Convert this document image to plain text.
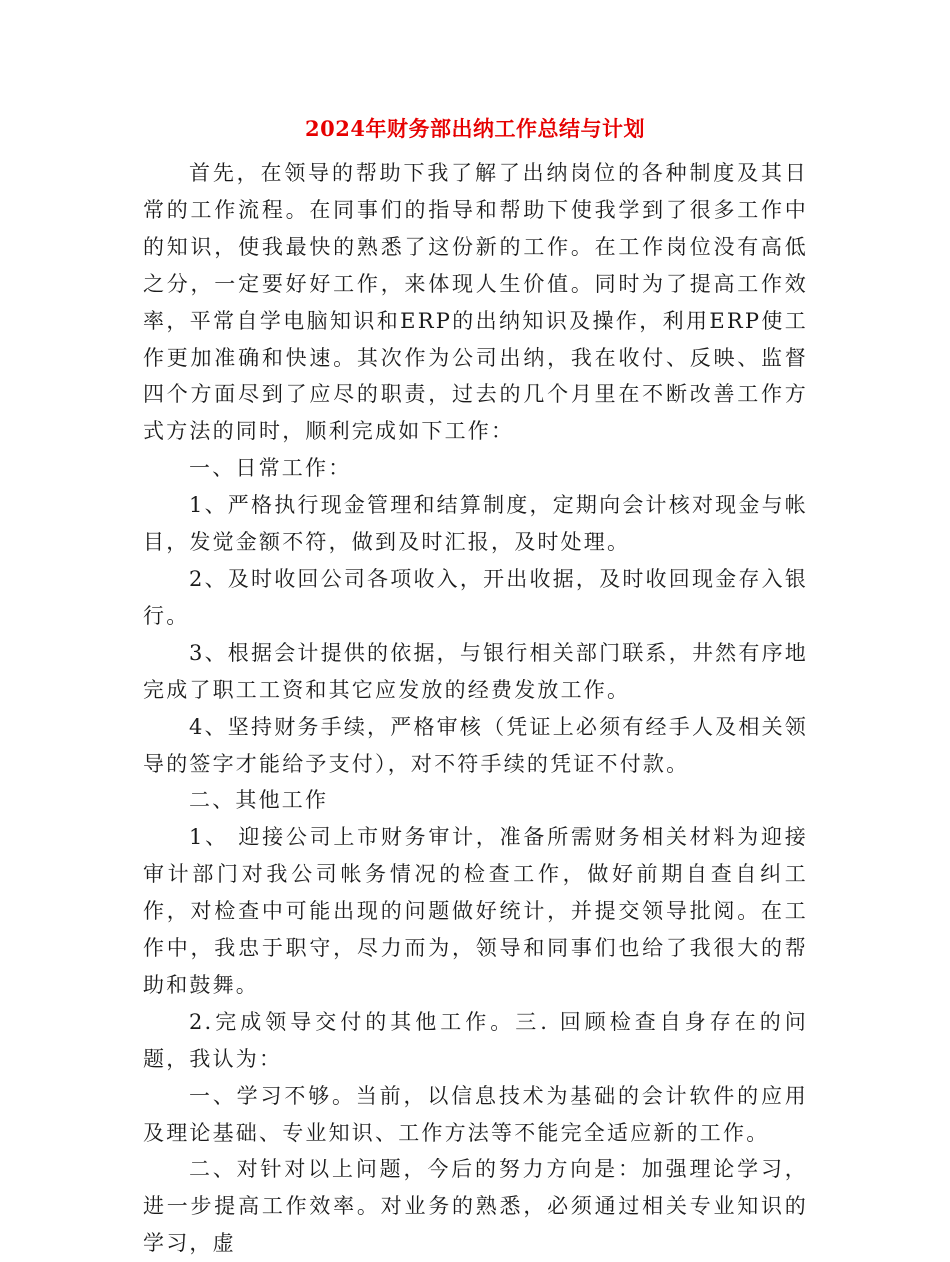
2024年财务部出纳工作总结与计划

首先，在领导的帮助下我了解了出纳岗位的各种制度及其日常的工作流程。在同事们的指导和帮助下使我学到了很多工作中的知识，使我最快的熟悉了这份新的工作。在工作岗位没有高低之分，一定要好好工作，来体现人生价值。同时为了提高工作效率，平常自学电脑知识和ERP的出纳知识及操作，利用ERP使工作更加准确和快速。其次作为公司出纳，我在收付、反映、监督四个方面尽到了应尽的职责，过去的几个月里在不断改善工作方式方法的同时，顺利完成如下工作：

一、日常工作：

1、严格执行现金管理和结算制度，定期向会计核对现金与帐目，发觉金额不符，做到及时汇报，及时处理。

2、及时收回公司各项收入，开出收据，及时收回现金存入银行。

3、根据会计提供的依据，与银行相关部门联系，井然有序地完成了职工工资和其它应发放的经费发放工作。

4、坚持财务手续，严格审核（凭证上必须有经手人及相关领导的签字才能给予支付），对不符手续的凭证不付款。

二、其他工作

1、 迎接公司上市财务审计，准备所需财务相关材料为迎接审计部门对我公司帐务情况的检查工作，做好前期自查自纠工作，对检查中可能出现的问题做好统计，并提交领导批阅。在工作中，我忠于职守，尽力而为，领导和同事们也给了我很大的帮助和鼓舞。

2.完成领导交付的其他工作。三. 回顾检查自身存在的问题，我认为：

一、学习不够。当前，以信息技术为基础的会计软件的应用及理论基础、专业知识、工作方法等不能完全适应新的工作。

二、对针对以上问题，今后的努力方向是：加强理论学习，进一步提高工作效率。对业务的熟悉，必须通过相关专业知识的学习，虚
